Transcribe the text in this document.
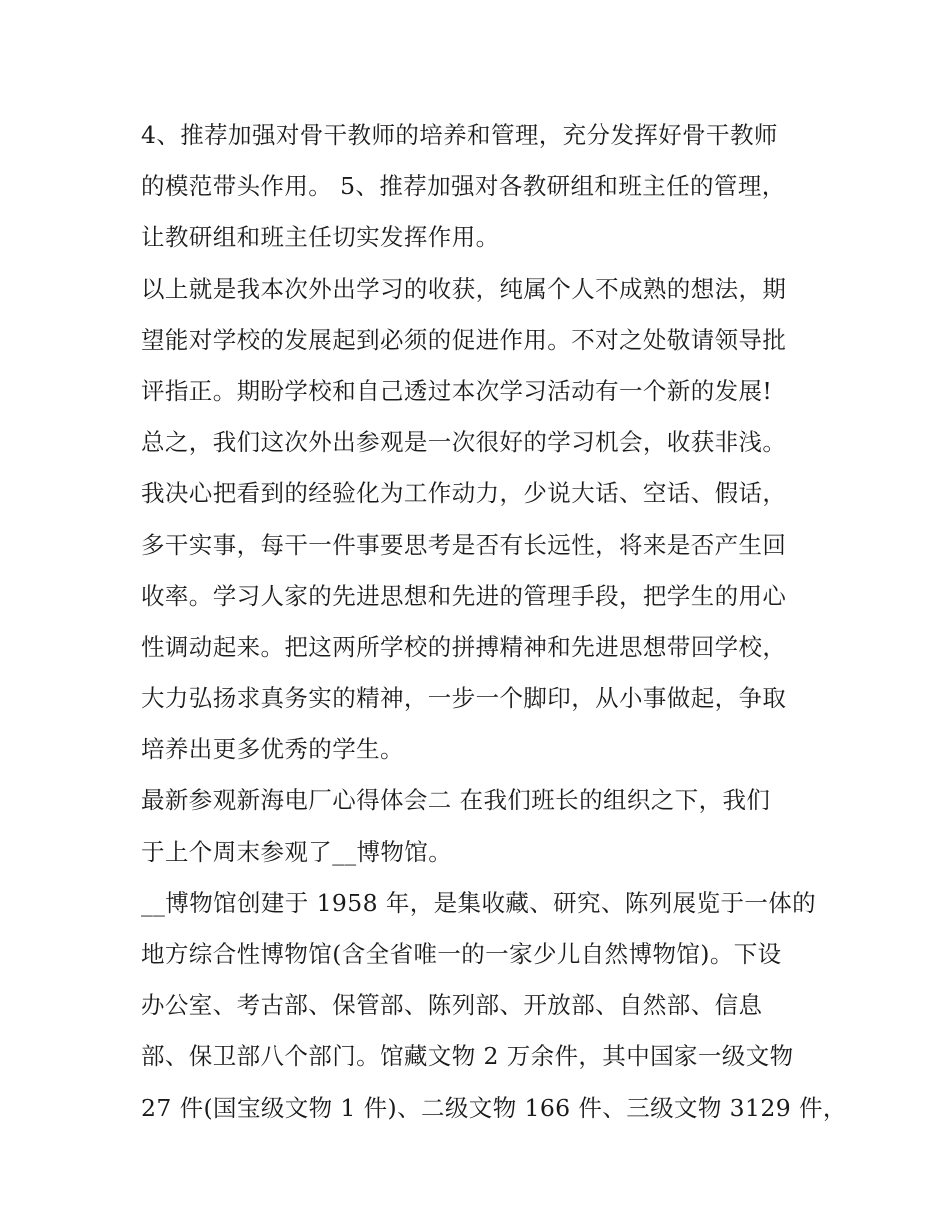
4、推荐加强对骨干教师的培养和管理，充分发挥好骨干教师
的模范带头作用。 5、推荐加强对各教研组和班主任的管理，
让教研组和班主任切实发挥作用。
以上就是我本次外出学习的收获，纯属个人不成熟的想法，期
望能对学校的发展起到必须的促进作用。不对之处敬请领导批
评指正。期盼学校和自己透过本次学习活动有一个新的发展!
总之，我们这次外出参观是一次很好的学习机会，收获非浅。
我决心把看到的经验化为工作动力，少说大话、空话、假话，
多干实事，每干一件事要思考是否有长远性，将来是否产生回
收率。学习人家的先进思想和先进的管理手段，把学生的用心
性调动起来。把这两所学校的拼搏精神和先进思想带回学校，
大力弘扬求真务实的精神，一步一个脚印，从小事做起，争取
培养出更多优秀的学生。
最新参观新海电厂心得体会二 在我们班长的组织之下，我们
于上个周末参观了__博物馆。
__博物馆创建于 1958 年，是集收藏、研究、陈列展览于一体的
地方综合性博物馆(含全省唯一的一家少儿自然博物馆)。下设
办公室、考古部、保管部、陈列部、开放部、自然部、信息
部、保卫部八个部门。馆藏文物 2 万余件，其中国家一级文物
27 件(国宝级文物 1 件)、二级文物 166 件、三级文物 3129 件，
